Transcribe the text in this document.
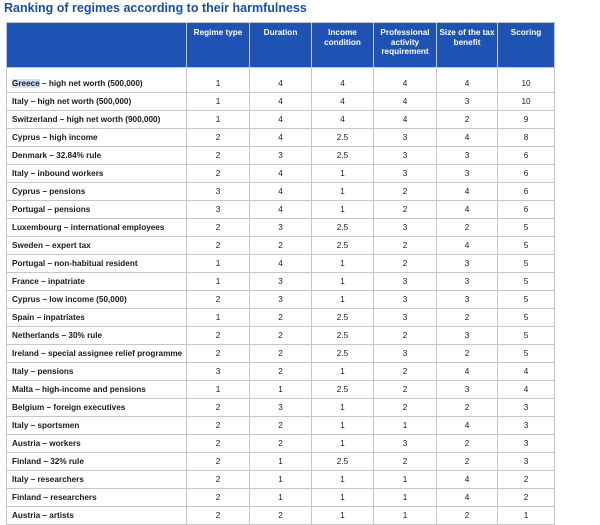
Ranking of regimes according to their harmfulness
	Regime type	Duration	Income condition	Professional activity requirement	Size of the tax benefit	Scoring
Greece – high net worth (500,000)	1	4	4	4	4	10
Italy – high net worth (500,000)	1	4	4	4	3	10
Switzerland – high net worth (900,000)	1	4	4	4	2	9
Cyprus – high income	2	4	2.5	3	4	8
Denmark – 32.84% rule	2	3	2.5	3	3	6
Italy – inbound workers	2	4	1	3	3	6
Cyprus – pensions	3	4	1	2	4	6
Portugal – pensions	3	4	1	2	4	6
Luxembourg – international employees	2	3	2.5	3	2	5
Sweden – expert tax	2	2	2.5	2	4	5
Portugal – non-habitual resident	1	4	1	2	3	5
France – inpatriate	1	3	1	3	3	5
Cyprus – low income (50,000)	2	3	1	3	3	5
Spain – inpatriates	1	2	2.5	3	2	5
Netherlands – 30% rule	2	2	2.5	2	3	5
Ireland – special assignee relief programme	2	2	2.5	3	2	5
Italy – pensions	3	2	1	2	4	4
Malta – high-income and pensions	1	1	2.5	2	3	4
Belgium – foreign executives	2	3	1	2	2	3
Italy – sportsmen	2	2	1	1	4	3
Austria – workers	2	2	1	3	2	3
Finland – 32% rule	2	1	2.5	2	2	3
Italy – researchers	2	1	1	1	4	2
Finland – researchers	2	1	1	1	4	2
Austria – artists	2	2	1	1	2	1
